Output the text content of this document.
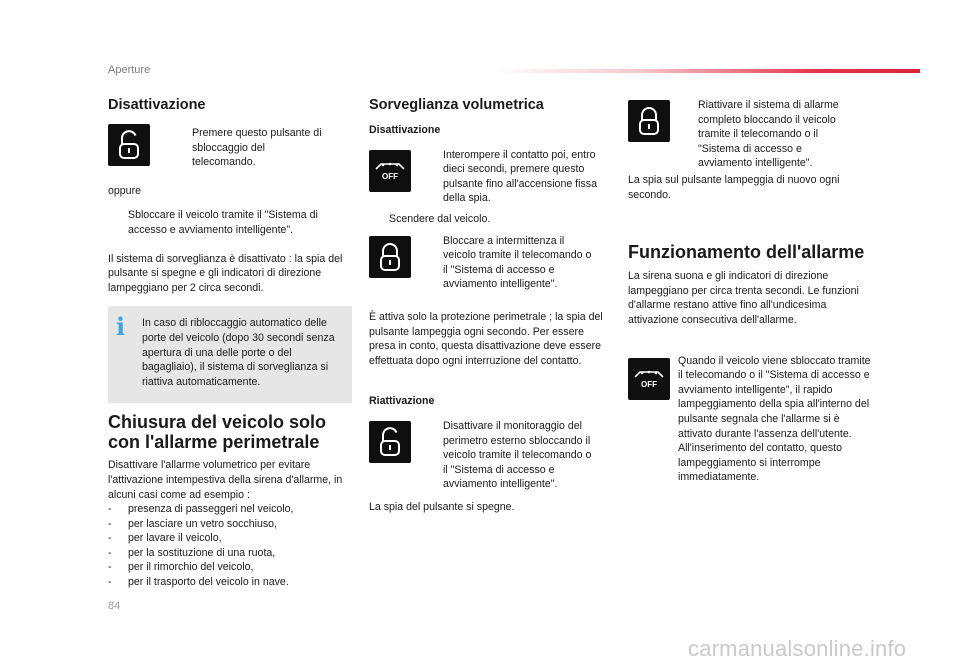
Aperture
Disattivazione

Premere questo pulsante di sbloccaggio del telecomando.

oppure

Sbloccare il veicolo tramite il "Sistema di accesso e avviamento intelligente".

Il sistema di sorveglianza è disattivato : la spia del pulsante si spegne e gli indicatori di direzione lampeggiano per 2 circa secondi.

i	In caso di ribloccaggio automatico delle porte del veicolo (dopo 30 secondi senza apertura di una delle porte o del bagagliaio), il sistema di sorveglianza si riattiva automaticamente.

Chiusura del veicolo solo
con l'allarme perimetrale

Disattivare l'allarme volumetrico per evitare l'attivazione intempestiva della sirena d'allarme, in alcuni casi come ad esempio :

-	presenza di passeggeri nel veicolo,
-	per lasciare un vetro socchiuso,
-	per lavare il veicolo,
-	per la sostituzione di una ruota,
-	per il rimorchio del veicolo,
-	per il trasporto del veicolo in nave.
Sorveglianza volumetrica

Disattivazione

OFF

Interompere il contatto poi, entro dieci secondi, premere questo pulsante fino all'accensione fissa della spia.

Scendere dal veicolo.

Bloccare a intermittenza il veicolo tramite il telecomando o il "Sistema di accesso e avviamento intelligente".

È attiva solo la protezione perimetrale ; la spia del pulsante lampeggia ogni secondo. Per essere presa in conto, questa disattivazione deve essere effettuata dopo ogni interruzione del contatto.

Riattivazione

Disattivare il monitoraggio del perimetro esterno sbloccando il veicolo tramite il telecomando o il "Sistema di accesso e avviamento intelligente".

La spia del pulsante si spegne.

Riattivare il sistema di allarme completo bloccando il veicolo tramite il telecomando o il "Sistema di accesso e avviamento intelligente".

La spia sul pulsante lampeggia di nuovo ogni secondo.

Funzionamento dell'allarme

La sirena suona e gli indicatori di direzione lampeggiano per circa trenta secondi. Le funzioni d'allarme restano attive fino all'undicesima attivazione consecutiva dell'allarme.

OFF

Quando il veicolo viene sbloccato tramite il telecomando o il "Sistema di accesso e avviamento intelligente", il rapido lampeggiamento della spia all'interno del pulsante segnala che l'allarme si è attivato durante l'assenza dell'utente. All'inserimento del contatto, questo lampeggiamento si interrompe immediatamente.

84
carmanualsonline.info
